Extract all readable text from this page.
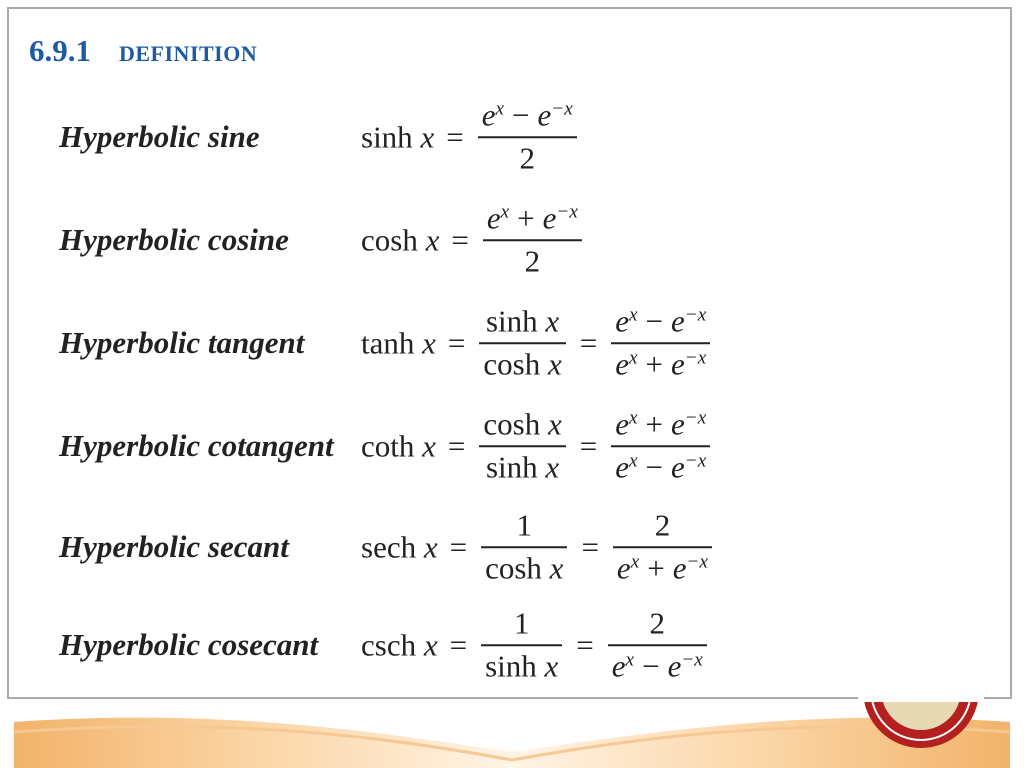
6.9.1 DEFINITION
Hyperbolic sine	$\sinh x = \frac{e^x - e^{-x}}{2}$
Hyperbolic cosine $\cosh x = \frac{e^x + e^{-x}}{2}$
Hyperbolic tangent $\tanh x = \frac{\text{sinh x}}{\text{cosh x}} = \frac{e^x - e^{-x}}{e^x + e^{-x}}$
Hyperbolic cotangent coth $x = \frac{\text{cosh x}}{\text{sinh x}} = \frac{e^x + e^{-x}}{e^x - e^{-x}}$
Hyperbolic secant sech $x = \frac{1}{\text{cosh x}} = \frac{2}{e^x + e^{-x}}$
Hyperbolic cosecant csch $x = \frac{1}{\text{sinh x}} = \frac{2}{e^x - e^{-x}}$
